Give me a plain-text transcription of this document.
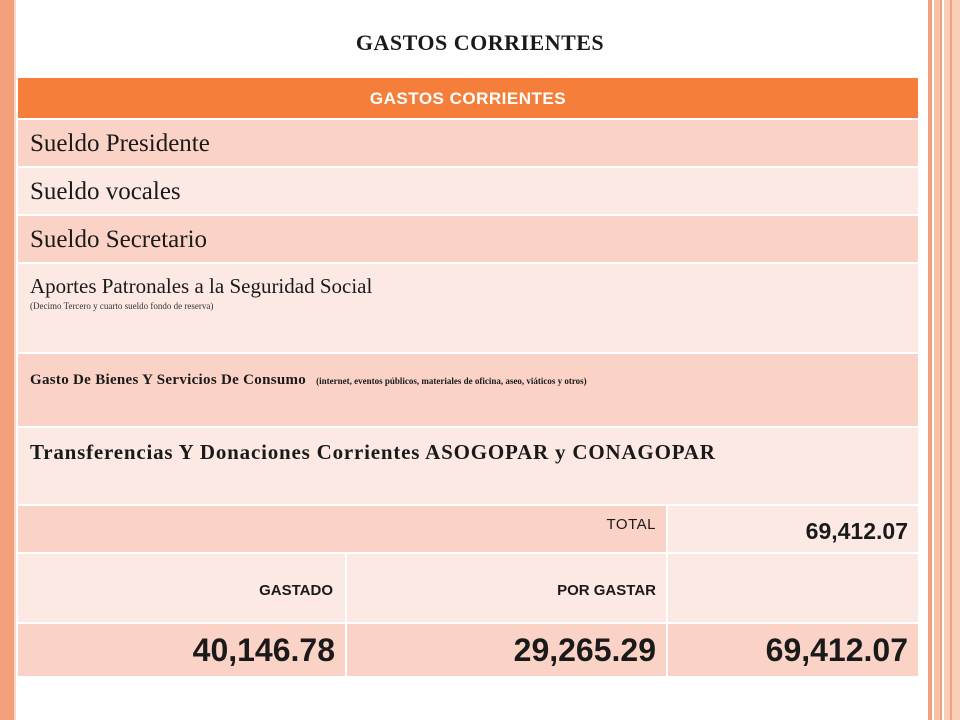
GASTOS CORRIENTES
GASTOS CORRIENTES
Sueldo Presidente
Sueldo vocales
Sueldo Secretario
Aportes Patronales a la Seguridad Social
(Decimo Tercero y cuarto sueldo fondo de reserva)
Gasto De Bienes Y Servicios De Consumo (internet, eventos públicos, materiales de oficina, aseo, viáticos y otros)
Transferencias Y Donaciones Corrientes ASOGOPAR y CONAGOPAR
TOTAL	69,412.07
GASTADO	POR GASTAR
40,146.78	29,265.29	69,412.07
